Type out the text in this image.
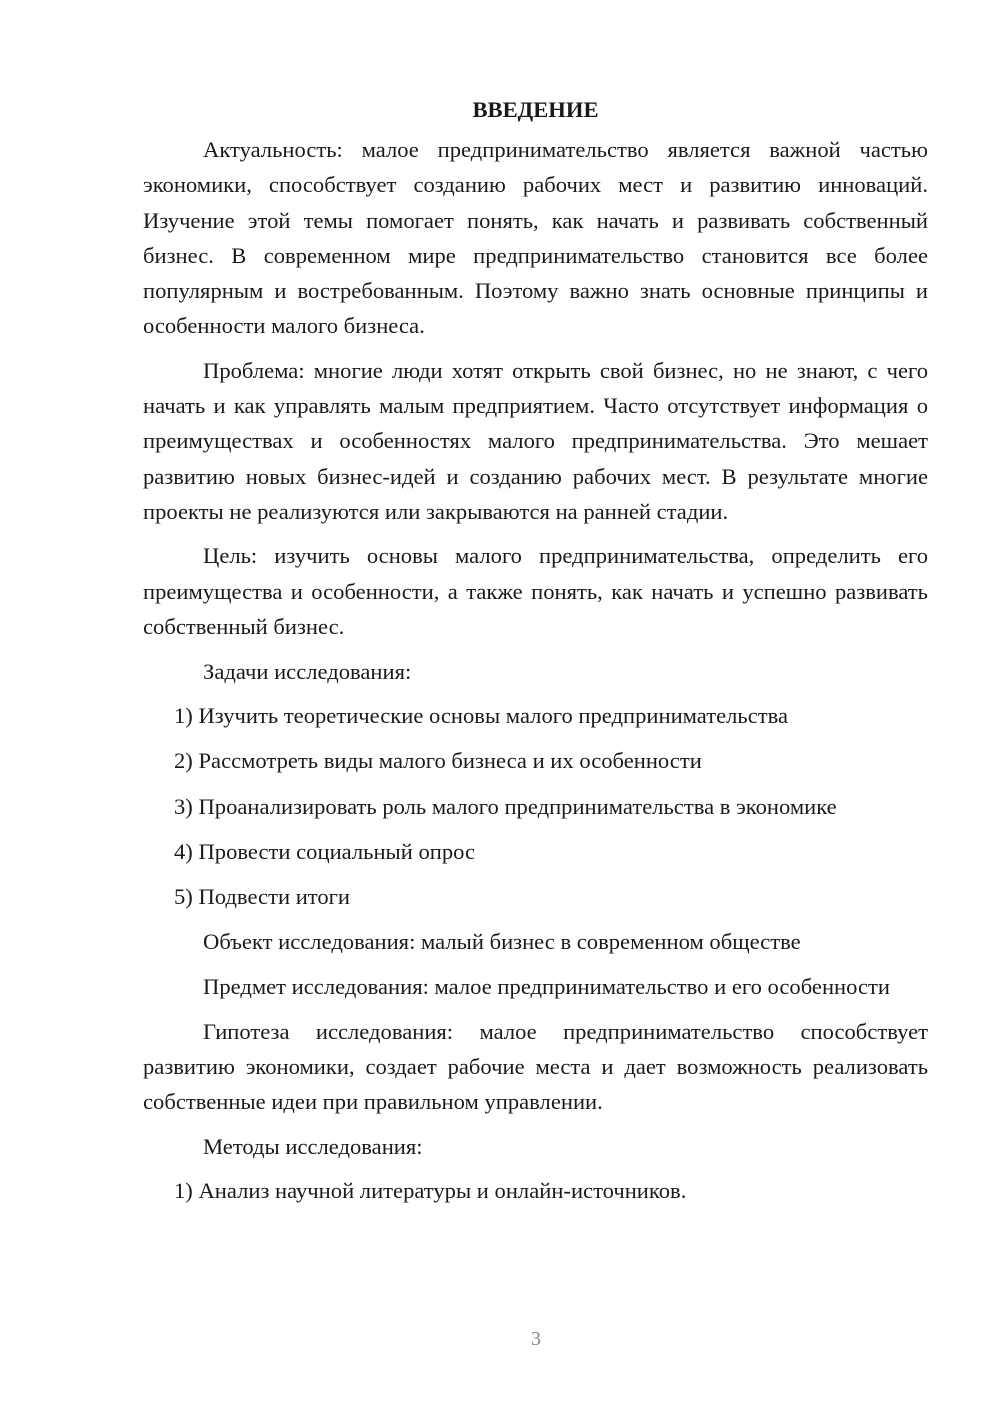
ВВЕДЕНИЕ

Актуальность: малое предпринимательство является важной частью экономики, способствует созданию рабочих мест и развитию инноваций. Изучение этой темы помогает понять, как начать и развивать собственный бизнес. В современном мире предпринимательство становится все более популярным и востребованным. Поэтому важно знать основные принципы и особенности малого бизнеса.

Проблема: многие люди хотят открыть свой бизнес, но не знают, с чего начать и как управлять малым предприятием. Часто отсутствует информация о преимуществах и особенностях малого предпринимательства. Это мешает развитию новых бизнес-идей и созданию рабочих мест. В результате многие проекты не реализуются или закрываются на ранней стадии.

Цель: изучить основы малого предпринимательства, определить его преимущества и особенности, а также понять, как начать и успешно развивать собственный бизнес.

Задачи исследования:

1) Изучить теоретические основы малого предпринимательства
2) Рассмотреть виды малого бизнеса и их особенности
3) Проанализировать роль малого предпринимательства в экономике
4) Провести социальный опрос
5) Подвести итоги

Объект исследования: малый бизнес в современном обществе

Предмет исследования: малое предпринимательство и его особенности

Гипотеза исследования: малое предпринимательство способствует развитию экономики, создает рабочие места и дает возможность реализовать собственные идеи при правильном управлении.

Методы исследования:

1) Анализ научной литературы и онлайн-источников.
3
